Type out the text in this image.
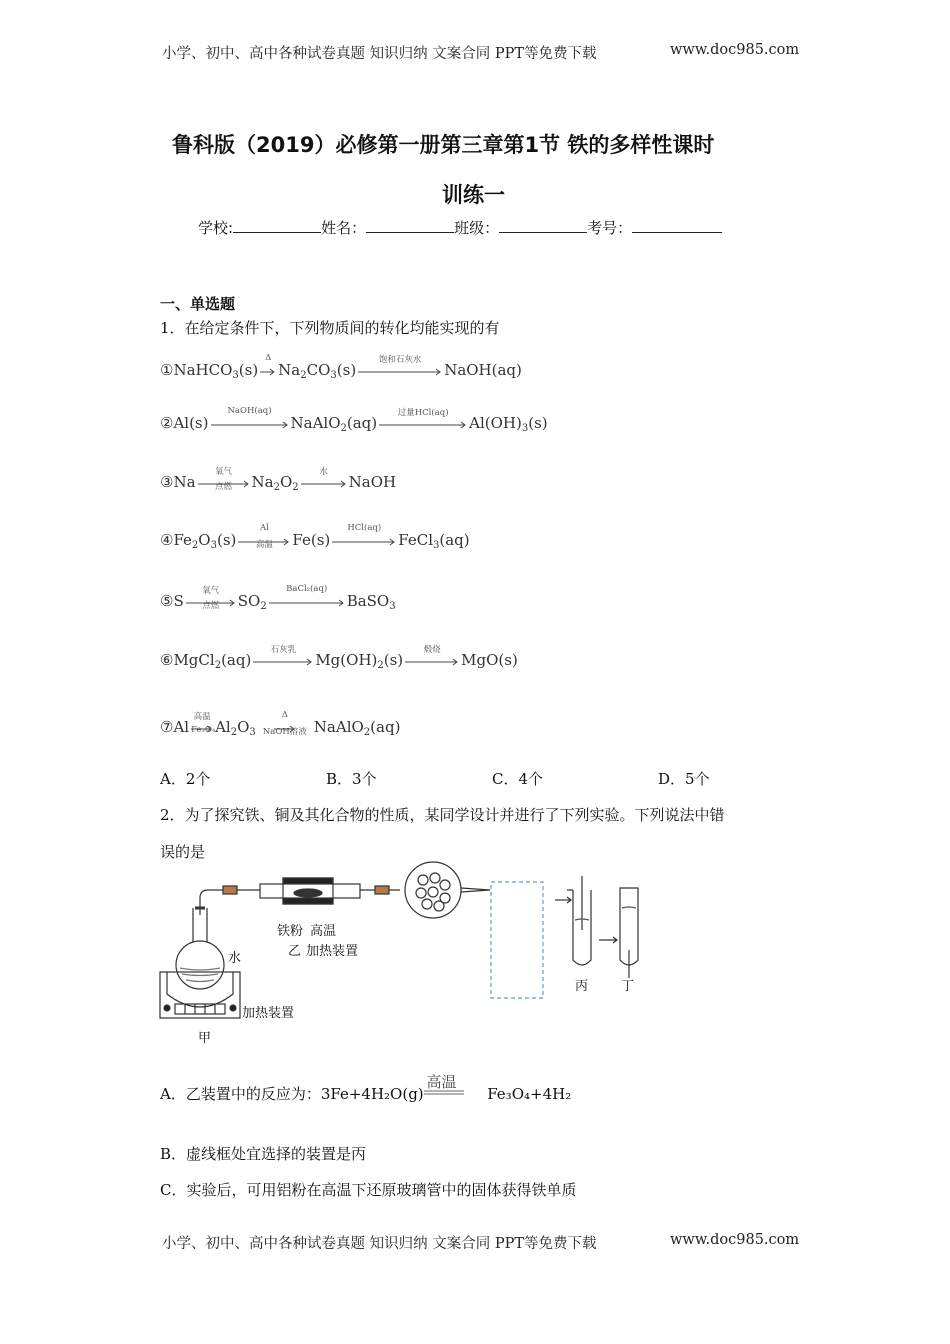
小学、初中、高中各种试卷真题 知识归纳 文案合同 PPT等免费下载	www.doc985.com
鲁科版（2019）必修第一册第三章第1节 铁的多样性课时
训练一
学校:	姓名：	班级：	考号：
一、单选题
1．在给定条件下，下列物质间的转化均能实现的有
①NaHCO$_3$(s)
Δ
$Na_2CO_3(s)$
饱和石灰水
NaOH(aq)
②Al(s)
NaOH(aq)
NaAlO$_2$(aq)
过量HCl(aq)
$Al(OH)_3(s)$
③Na
氧气
点燃	$Na_2O_2$
水
NaOH
$④Fe_2O_3(s)$
Al
高温	Fe(s)
HCl(aq)
FeCl$_3$(aq)
⑤S
氧气
点燃	$SO_2$
BaCl₂(aq)
BaSO$_3$
⑥MgCl$_2$(aq)
石灰乳
$Mg(OH)_2(s)$
煅烧
MgO(s)
⑦Al
高温
Fe₃O₄ $Al_2O_3$
Δ
NaOH溶液 NaAlO$_2$(aq)
A．2个	B．3个	C．4个	D．5个
2．为了探究铁、铜及其化合物的性质，某同学设计并进行了下列实验。下列说法中错
误的是
铁粉 高温
乙 加热装置
水
加热装置
甲
丙	丁
A．乙装置中的反应为：3Fe+4H₂O(g)
高温
Fe₃O₄+4H₂
B．虚线框处宜选择的装置是丙
C．实验后，可用铝粉在高温下还原玻璃管中的固体获得铁单质
小学、初中、高中各种试卷真题 知识归纳 文案合同 PPT等免费下载	www.doc985.com
